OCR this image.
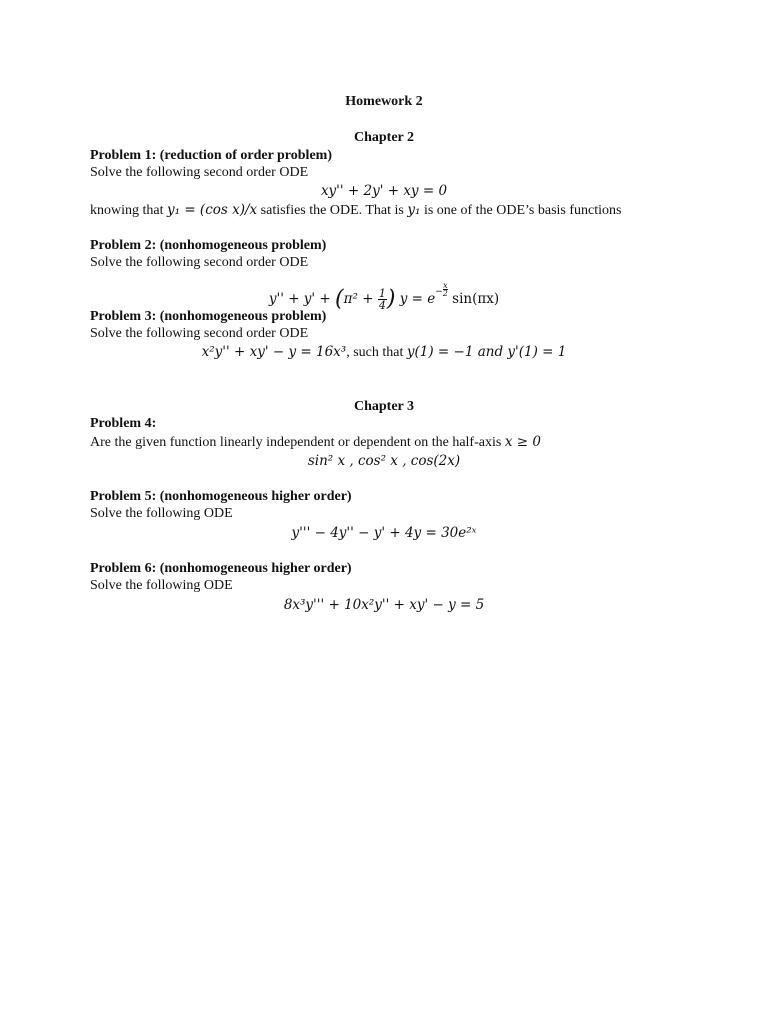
Homework 2
Chapter 2
Problem 1: (reduction of order problem)
Solve the following second order ODE
xy'' + 2y' + xy = 0
knowing that y₁ = (cos x)/x satisfies the ODE. That is y₁ is one of the ODE’s basis functions
Problem 2: (nonhomogeneous problem)
Solve the following second order ODE
$y'' + y' + (\pi^2 + \frac{1}{4}$ ) $y = e^- \frac{x}{2}$
sin(πx)
Problem 3: (nonhomogeneous problem)
Solve the following second order ODE
x²y'' + xy' − y = 16x³, such that y(1) = −1 and y'(1) = 1
Chapter 3
Problem 4:
Are the given function linearly independent or dependent on the half-axis x ≥ 0
sin² x , cos² x , cos(2x)
Problem 5: (nonhomogeneous higher order)
Solve the following ODE
y''' − 4y'' − y' + 4y = 30e²ˣ
Problem 6: (nonhomogeneous higher order)
Solve the following ODE
8x³y''' + 10x²y'' + xy' − y = 5
